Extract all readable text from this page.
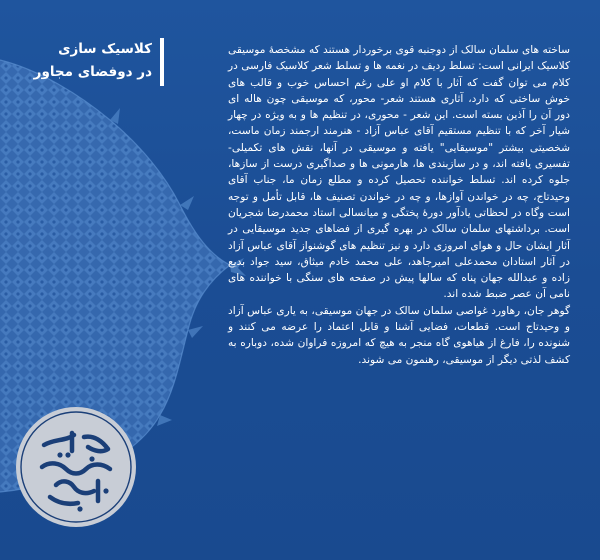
کلاسیک سازی
در دوفضای مجاور

ساخته های سلمان سالک از دوجنبه قوی برخوردار هستند که مشخصهٔ موسیقی کلاسیک ایرانی است: تسلط ردیف در نغمه ها و تسلط شعر کلاسیک فارسی در کلام می توان گفت که آثار با کلام او علی رغم احساس خوب و قالب های خوش ساختی که دارد، آثاری هستند شعر- محور، که موسیقی چون هاله ای دور آن را آذین بسته است. این شعر - محوری، در تنظیم ها و به ویژه در چهار شیار آخر که با تنظیم مستقیم آقای عباس آزاد - هنرمند ارجمند زمان ماست، شخصیتی بیشتر "موسیقایی" یافته و موسیقی در آنها، نقش های تکمیلی- تفسیری یافته اند، و در سازبندی ها، هارمونی ها و صداگیری درست از سازها، جلوه کرده اند. تسلط خواننده تحصیل کرده و مطلع زمان ما، جناب آقای وحیدتاج، چه در خواندن آوازها، و چه در خواندن تصنیف ها، قابل تأمل و توجه است وگاه در لحظاتی یادآور دورهٔ پختگی و میانسالی استاد محمدرضا شجریان است. برداشتهای سلمان سالک در بهره گیری از فضاهای جدید موسیقایی در آثار ایشان حال و هوای امروزی دارد و نیز تنظیم های گوشنواز آقای عباس آزاد در آثار استادان محمدعلی امیرجاهد، علی محمد خادم میثاق، سید جواد بدیع زاده و عبدالله جهان پناه که سالها پیش در صفحه های سنگی با خواننده های نامی آن عصر ضبط شده اند.

گوهر جان، رهاورد غواصی سلمان سالک در جهان موسیقی، به یاری عباس آزاد و وحیدتاج است. قطعات، فضایی آشنا و قابل اعتماد را عرضه می کنند و شنونده را، فارغ از هیاهوی گاه منجر به هیچ که امروزه فراوان شده، دوباره به کشف لذتی دیگر از موسیقی، رهنمون می شوند.
